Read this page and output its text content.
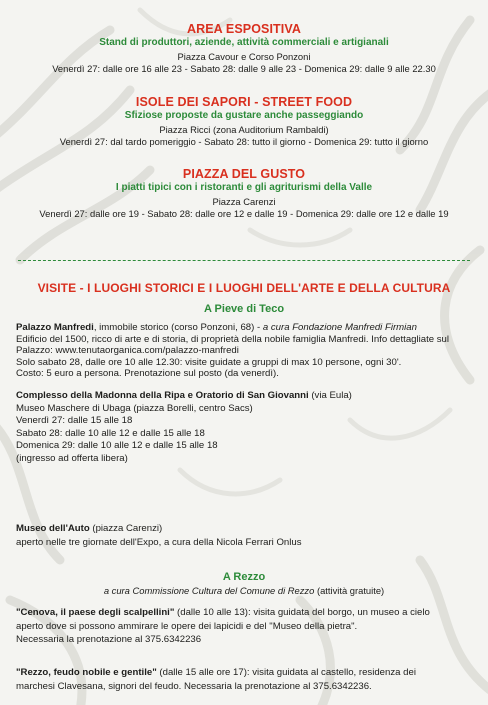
AREA ESPOSITIVA
Stand di produttori, aziende, attività commerciali e artigianali
Piazza Cavour e Corso Ponzoni
Venerdì 27: dalle ore 16 alle 23 - Sabato 28: dalle 9 alle 23 - Domenica 29: dalle 9 alle 22.30
ISOLE DEI SAPORI - STREET FOOD
Sfiziose proposte da gustare anche passeggiando
Piazza Ricci (zona Auditorium Rambaldi)
Venerdì 27: dal tardo pomeriggio - Sabato 28: tutto il giorno - Domenica 29: tutto il giorno
PIAZZA DEL GUSTO
I piatti tipici con i ristoranti e gli agriturismi della Valle
Piazza Carenzi
Venerdì 27: dalle ore 19 - Sabato 28: dalle ore 12 e dalle 19 - Domenica 29: dalle ore 12 e dalle 19
VISITE - I LUOGHI STORICI E I LUOGHI DELL'ARTE E DELLA CULTURA
A Pieve di Teco
Palazzo Manfredi, immobile storico (corso Ponzoni, 68) - a cura Fondazione Manfredi Firmian
Edificio del 1500, ricco di arte e di storia, di proprietà della nobile famiglia Manfredi. Info dettagliate sul
Palazzo: www.tenutaorganica.com/palazzo-manfredi
Solo sabato 28, dalle ore 10 alle 12.30: visite guidate a gruppi di max 10 persone, ogni 30'.
Costo: 5 euro a persona. Prenotazione sul posto (da venerdì).
Complesso della Madonna della Ripa e Oratorio di San Giovanni (via Eula)
Museo Maschere di Ubaga (piazza Borelli, centro Sacs)
Venerdì 27: dalle 15 alle 18
Sabato 28: dalle 10 alle 12 e dalle 15 alle 18
Domenica 29: dalle 10 alle 12 e dalle 15 alle 18
(ingresso ad offerta libera)
Museo dell'Auto (piazza Carenzi)
aperto nelle tre giornate dell'Expo, a cura della Nicola Ferrari Onlus
A Rezzo
a cura Commissione Cultura del Comune di Rezzo (attività gratuite)
"Cenova, il paese degli scalpellini" (dalle 10 alle 13): visita guidata del borgo, un museo a cielo
aperto dove si possono ammirare le opere dei lapicidi e del "Museo della pietra".
Necessaria la prenotazione al 375.6342236
"Rezzo, feudo nobile e gentile" (dalle 15 alle ore 17): visita guidata al castello, residenza dei
marchesi Clavesana, signori del feudo. Necessaria la prenotazione al 375.6342236.
